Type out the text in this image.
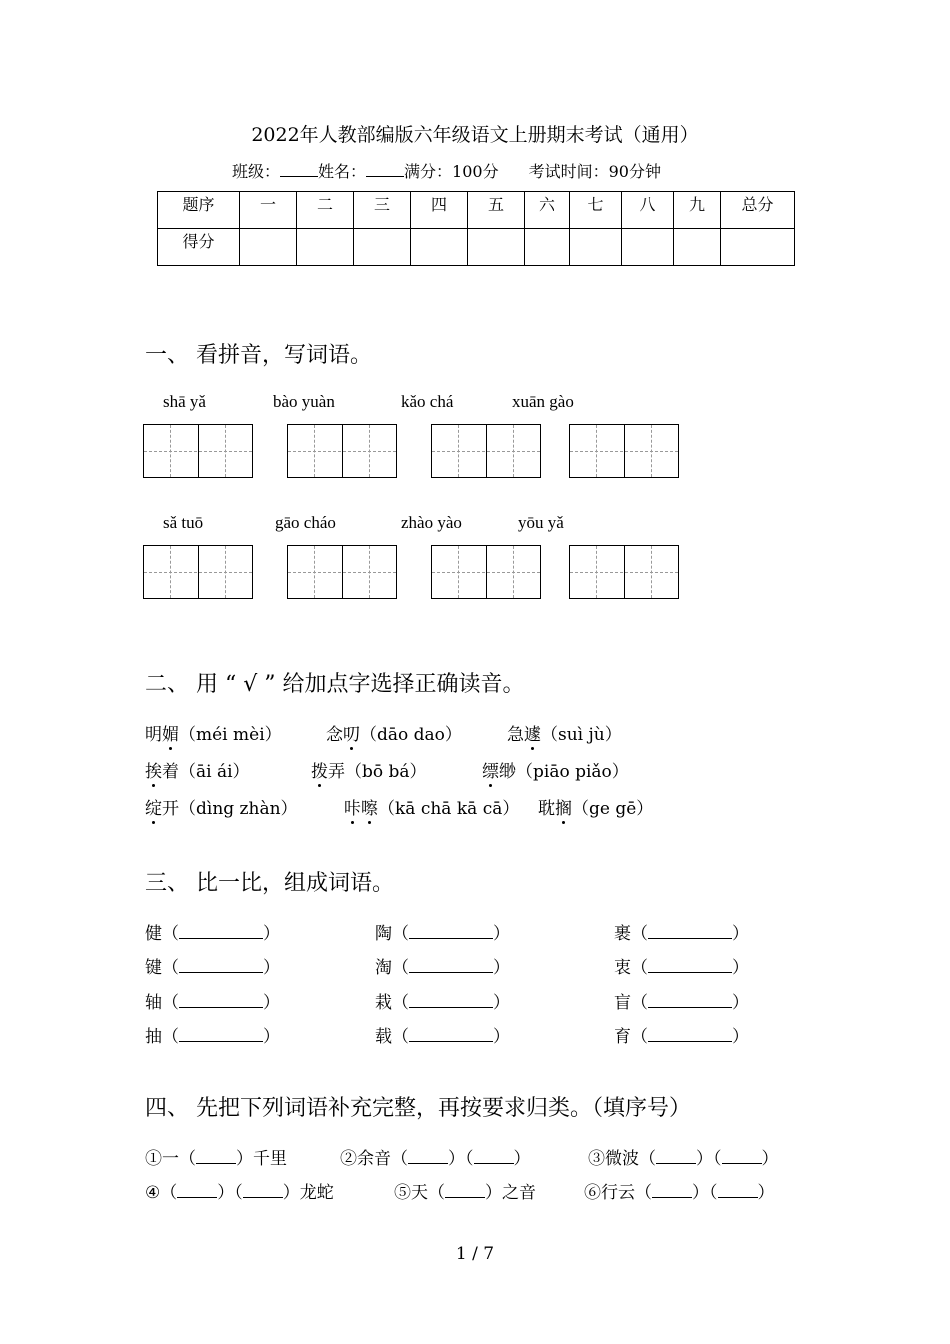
2022年人教部编版六年级语文上册期末考试（通用）
班级： 姓名： 满分：100分 考试时间：90分钟
题序	一	二	三	四	五	六	七	八	九	总分
得分										
一、 看拼音，写词语。
shā yǎ	bào yuàn	kǎo chá	xuān gào
sǎ tuō	gāo cháo	zhào yào	yōu yǎ
二、 用 “ √ ” 给加点字选择正确读音。
明媚（méi mèi）	念叨（dāo dao）	急遽（suì jù）
挨着（āi ái）	拨弄（bō bá）	缥缈（piāo piǎo）
绽开（dìng zhàn）	咔嚓（kā chā kā cā） 耽搁（ge gē）
三、 比一比，组成词语。
健（	）	陶（	）	裹（	）
键（	）	淘（	）	衷（	）
轴（	）	栽（	）	盲（	）
抽（	）	载（	）	育（	）
四、 先把下列词语补充完整，再按要求归类。（填序号）
①一（ ）千里	②余音（ ）（ ）	③微波（ ）（ ）
④（ ）（ ）龙蛇	⑤天（ ）之音	⑥行云（ ）（ ）
1 / 7
